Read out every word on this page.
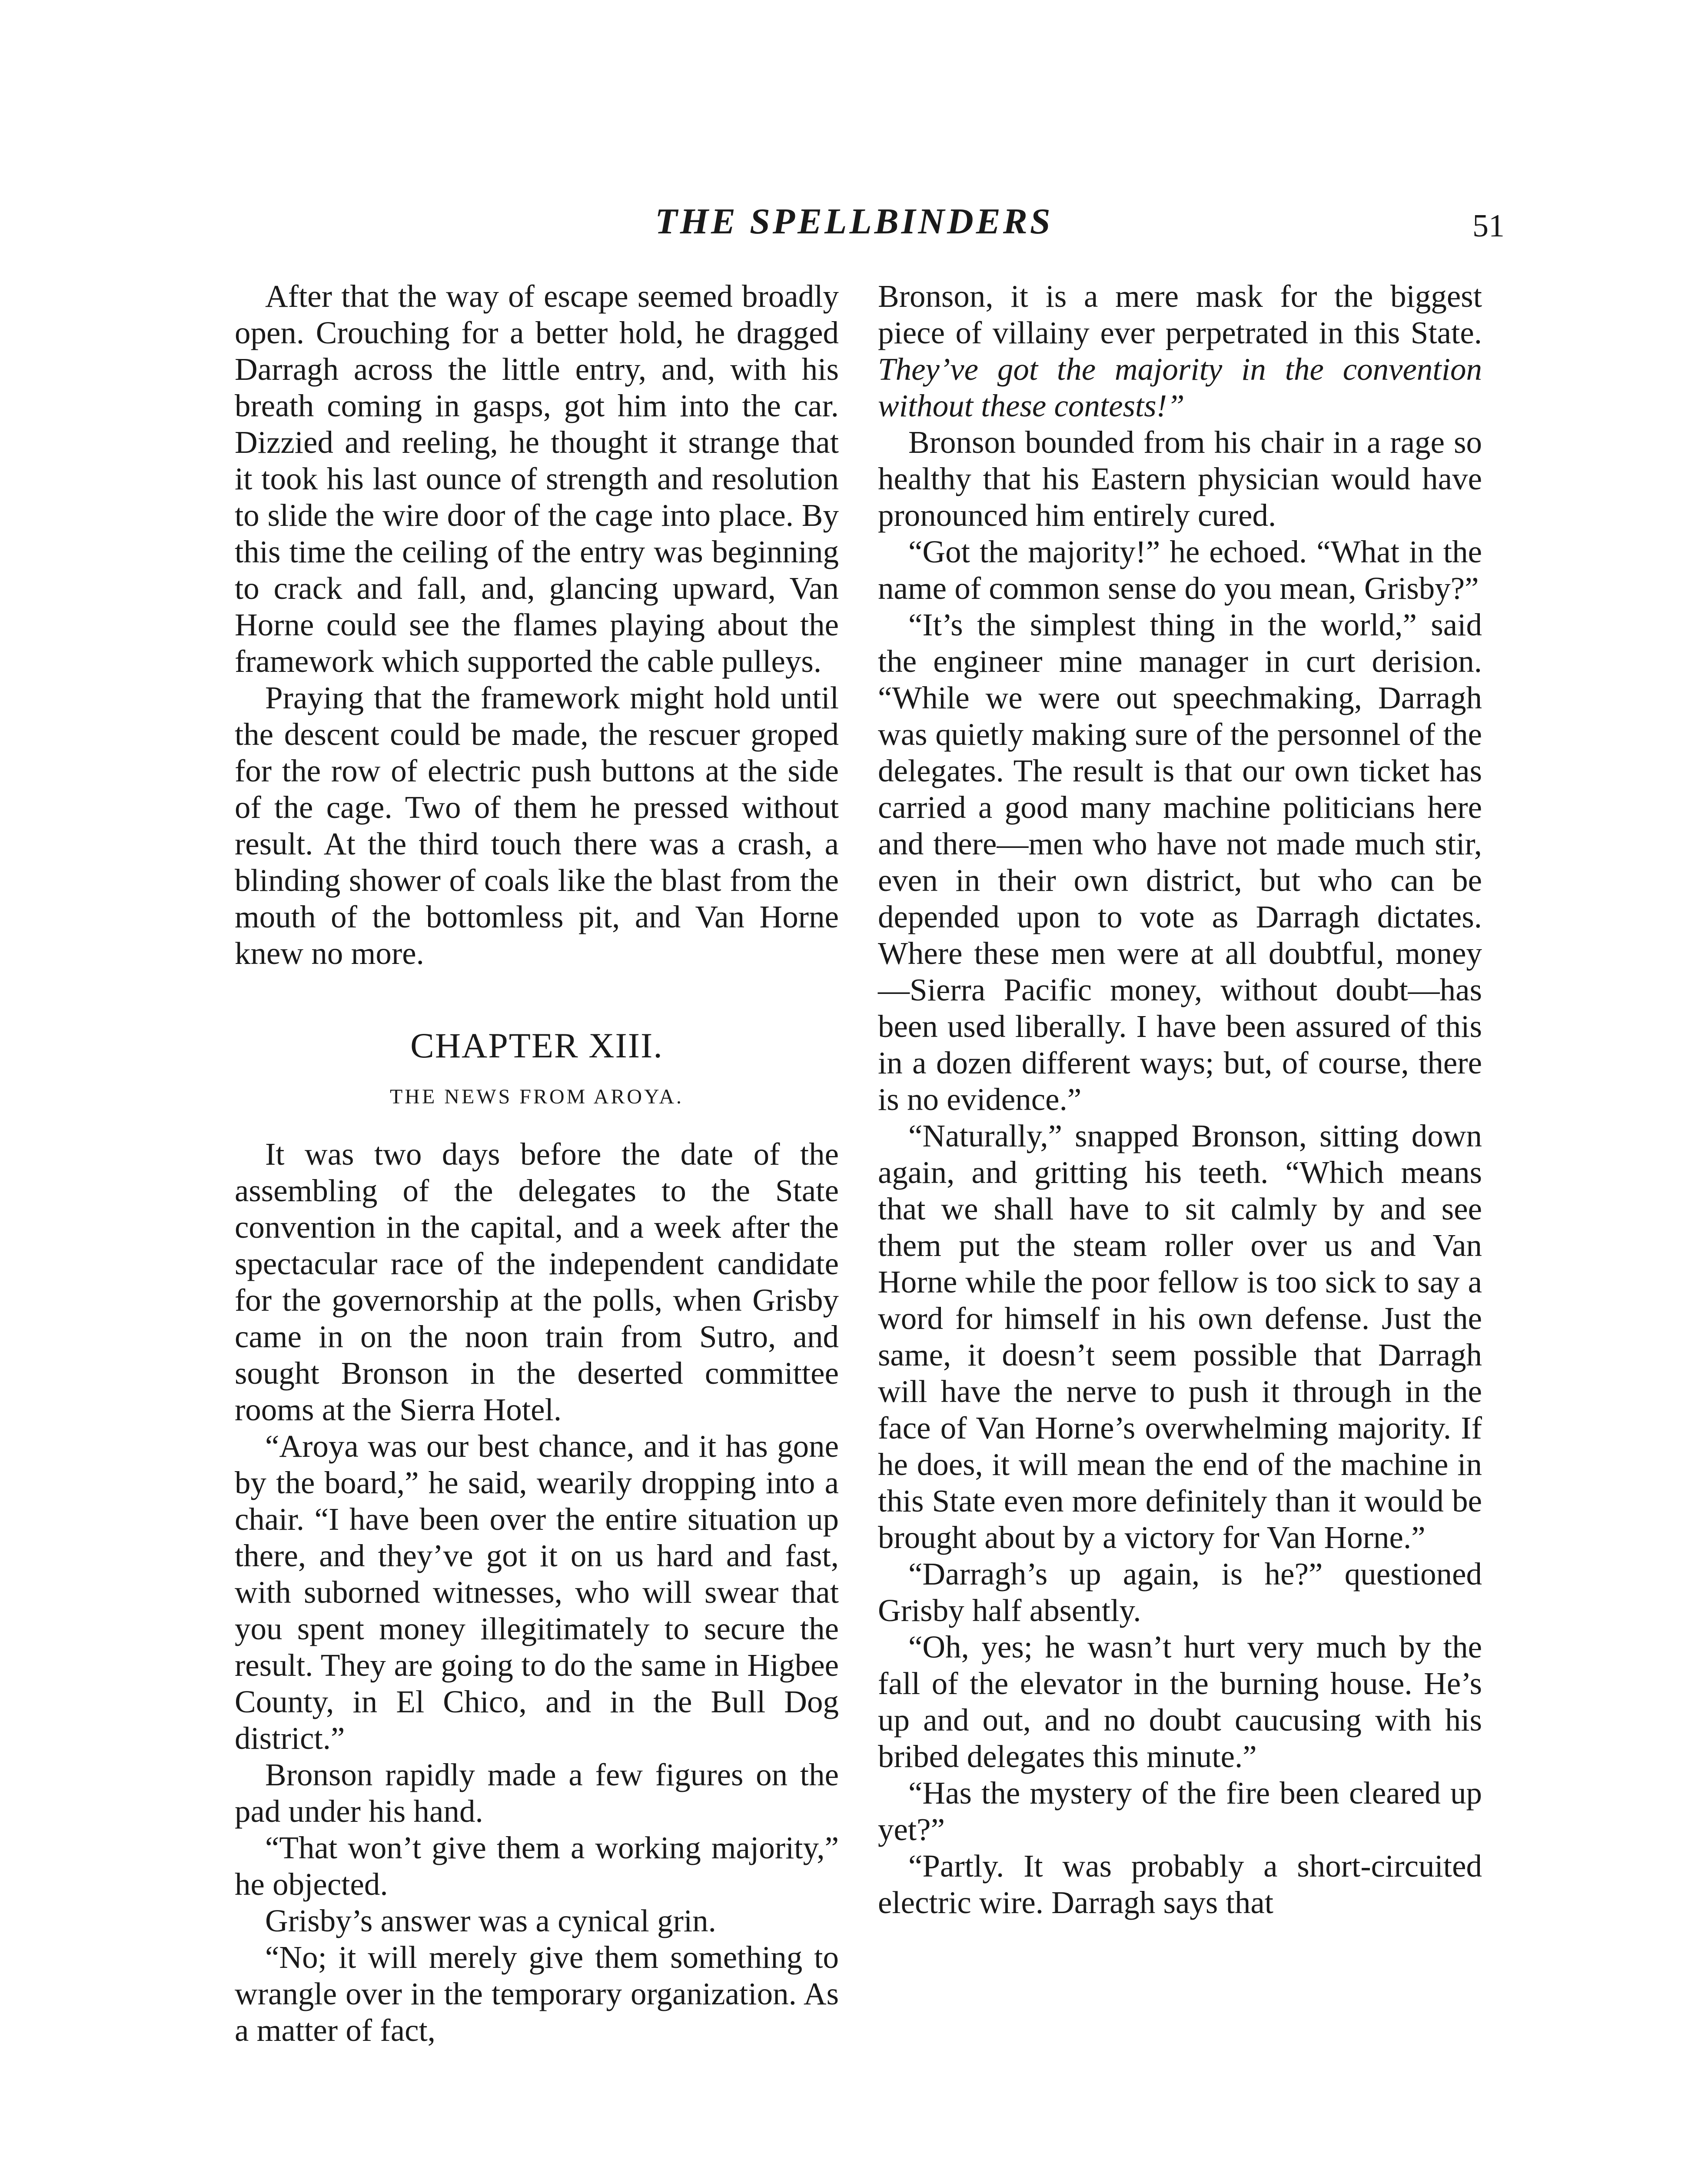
THE SPELLBINDERS	51

After that the way of escape seemed broadly open. Crouching for a better hold, he dragged Darragh across the little entry, and, with his breath coming in gasps, got him into the car. Dizzied and reeling, he thought it strange that it took his last ounce of strength and resolution to slide the wire door of the cage into place. By this time the ceiling of the entry was beginning to crack and fall, and, glancing upward, Van Horne could see the flames playing about the framework which supported the cable pulleys.

Praying that the framework might hold until the descent could be made, the rescuer groped for the row of electric push buttons at the side of the cage. Two of them he pressed without result. At the third touch there was a crash, a blinding shower of coals like the blast from the mouth of the bottomless pit, and Van Horne knew no more.

CHAPTER XIII.
THE NEWS FROM AROYA.

It was two days before the date of the assembling of the delegates to the State convention in the capital, and a week after the spectacular race of the independent candidate for the governorship at the polls, when Grisby came in on the noon train from Sutro, and sought Bronson in the deserted committee rooms at the Sierra Hotel.

“Aroya was our best chance, and it has gone by the board,” he said, wearily dropping into a chair. “I have been over the entire situation up there, and they’ve got it on us hard and fast, with suborned witnesses, who will swear that you spent money illegitimately to secure the result. They are going to do the same in Higbee County, in El Chico, and in the Bull Dog district.”

Bronson rapidly made a few figures on the pad under his hand.

“That won’t give them a working majority,” he objected.

Grisby’s answer was a cynical grin.

“No; it will merely give them something to wrangle over in the temporary organization. As a matter of fact,

Bronson, it is a mere mask for the biggest piece of villainy ever perpetrated in this State. They’ve got the majority in the convention without these contests!”

Bronson bounded from his chair in a rage so healthy that his Eastern physician would have pronounced him entirely cured.

“Got the majority!” he echoed. “What in the name of common sense do you mean, Grisby?”

“It’s the simplest thing in the world,” said the engineer mine manager in curt derision. “While we were out speechmaking, Darragh was quietly making sure of the personnel of the delegates. The result is that our own ticket has carried a good many machine politicians here and there—men who have not made much stir, even in their own district, but who can be depended upon to vote as Darragh dictates. Where these men were at all doubtful, money—Sierra Pacific money, without doubt—has been used liberally. I have been assured of this in a dozen different ways; but, of course, there is no evidence.”

“Naturally,” snapped Bronson, sitting down again, and gritting his teeth. “Which means that we shall have to sit calmly by and see them put the steam roller over us and Van Horne while the poor fellow is too sick to say a word for himself in his own defense. Just the same, it doesn’t seem possible that Darragh will have the nerve to push it through in the face of Van Horne’s overwhelming majority. If he does, it will mean the end of the machine in this State even more definitely than it would be brought about by a victory for Van Horne.”

“Darragh’s up again, is he?” questioned Grisby half absently.

“Oh, yes; he wasn’t hurt very much by the fall of the elevator in the burning house. He’s up and out, and no doubt caucusing with his bribed delegates this minute.”

“Has the mystery of the fire been cleared up yet?”

“Partly. It was probably a short-circuited electric wire. Darragh says that
